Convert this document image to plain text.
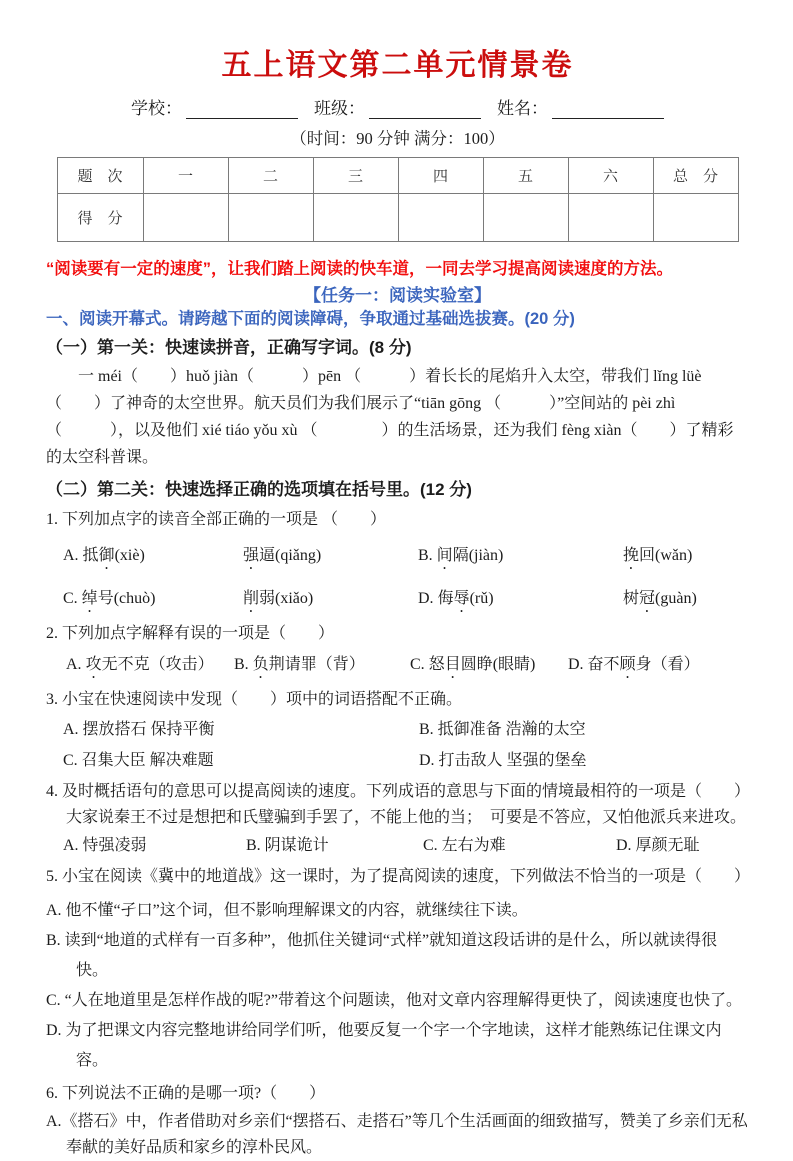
五上语文第二单元情景卷
学校：	班级：	姓名：
（时间：90 分钟 满分：100）
题　次	一	二	三	四	五	六	总　分
得　分							
“阅读要有一定的速度”，让我们踏上阅读的快车道，一同去学习提高阅读速度的方法。
【任务一：阅读实验室】
一、阅读开幕式。请跨越下面的阅读障碍，争取通过基础选拔赛。(20 分)
（一）第一关：快速读拼音，正确写字词。(8 分)
一 méi（　　）huǒ jiàn（　　　）pēn （　　　）着长长的尾焰升入太空，带我们 lǐng lüè（　　）了神奇的太空世界。航天员们为我们展示了“tiān gōng （　　　）”空间站的 pèi zhì（　　　），以及他们 xié tiáo yǒu xù （　　　　）的生活场景，还为我们 fèng xiàn（　　）了精彩的太空科普课。
（二）第二关：快速选择正确的选项填在括号里。(12 分)
1. 下列加点字的读音全部正确的一项是 （　　）
A. 抵御(xiè)	强逼(qiǎng)	B. 间隔(jiàn)	挽回(wǎn)
C. 绰号(chuò)	削弱(xiǎo)	D. 侮辱(rǔ)	树冠(guàn)
2. 下列加点字解释有误的一项是（　　）
A. 攻无不克（攻击）	B. 负荆请罪（背）	C. 怒目圆睁(眼睛)	D. 奋不顾身（看）
3. 小宝在快速阅读中发现（　　）项中的词语搭配不正确。
A. 摆放搭石 保持平衡	B. 抵御准备 浩瀚的太空
C. 召集大臣 解决难题	D. 打击敌人 坚强的堡垒
4. 及时概括语句的意思可以提高阅读的速度。下列成语的意思与下面的情境最相符的一项是（　　）
大家说秦王不过是想把和氏璧骗到手罢了，不能上他的当；　可要是不答应，又怕他派兵来进攻。
A. 恃强凌弱	B. 阴谋诡计	C. 左右为难	D. 厚颜无耻
5. 小宝在阅读《冀中的地道战》这一课时，为了提高阅读的速度，下列做法不恰当的一项是（　　）

A. 他不懂“孑口”这个词，但不影响理解课文的内容，就继续往下读。

B. 读到“地道的式样有一百多种”，他抓住关键词“式样”就知道这段话讲的是什么，所以就读得很快。

C. “人在地道里是怎样作战的呢?”带着这个问题读，他对文章内容理解得更快了，阅读速度也快了。

D. 为了把课文内容完整地讲给同学们听，他要反复一个字一个字地读，这样才能熟练记住课文内容。

6. 下列说法不正确的是哪一项?（　　）

A.《搭石》中，作者借助对乡亲们“摆搭石、走搭石”等几个生活画面的细致描写，赞美了乡亲们无私奉献的美好品质和家乡的淳朴民风。
